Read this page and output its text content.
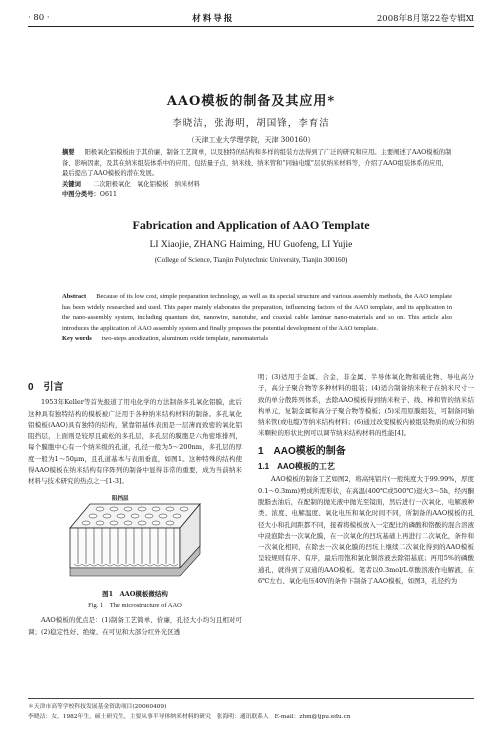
· 80 ·	材料导报	2008年8月第22卷专辑Ⅺ
AAO模板的制备及其应用*
李晓洁，张海明，胡国锋，李育洁
（天津工业大学理学院，天津 300160）

摘要 阳极氧化铝模板由于其价廉、制备工艺简单，以及独特的结构和多样的组装方法得到了广泛的研究和应用。主要阐述了AAO模板的制备、影响因素，及其在纳米组装体系中的应用，包括量子点、纳米线、纳米管和“同轴电缆”层状纳米材料等，介绍了AAO组装体系的应用，最后提出了AAO模板的潜在发展。

关键词 二次阳极氧化　氧化铝模板　纳米材料

中图分类号：O611

Fabrication and Application of AAO Template
LI Xiaojie, ZHANG Haiming, HU Guofeng, LI Yujie
(College of Science, Tianjin Polytechnic University, Tianjin 300160)

Abstract Because of its low cost, simple preparation technology, as well as its special structure and various assembly methods, the AAO template has been widely researched and used. This paper mainly elaborates the preparation, influencing factors of the AAO template, and its application in the nano-assembly system, including quantum dot, nanowire, nanotube, and coaxial cable laminar nano-materials and so on. This article also introduces the application of AAO assembly system and finally proposes the potential development of the AAO template.

Key words two-steps anodization, aluminum oxide template, nanomaterials

0　引言

1953年Keller等首先报道了用电化学的方法制备多孔氧化铝膜，此后这种具有独特结构的模板被广泛用于各种纳米结构材料的制备。多孔氧化铝模板(AAO)具有独特的结构，紧靠铝基体表面是一层薄而致密的氧化铝阻挡层，上面则是较厚且疏松的多孔层，多孔层的膜胞是六角密堆排列，每个膜胞中心有一个纳米级的孔道，孔径一般为5～200nm，多孔层的厚度一般为1～50μm，且孔道基本与表面垂直，如图1。这种特殊的结构使得AAO模板在纳米结构有序阵列的制备中显得非常的重要，成为当前纳米材料与技术研究的热点之一[1-3]。

阻挡层
图1　AAO模板微结构
Fig. 1　The microstructure of AAO

AAO模板的优点是：(1)制备工艺简单、价廉，孔径大小均匀且相对可调；(2)稳定性好、绝缘、在可见和大部分红外光区透

明；(3)适用于金属、合金、非金属、半导体氧化物和硫化物、导电高分子，高分子聚合物等多种材料的组装；(4)适合制备纳米粒子在纳米尺寸一致的单分散阵列体系，去除AAO模板得到纳米粒子、线、棒和管的纳米结构单元，复制金属和高分子聚合物等模板；(5)采用原膜组装，可制备同轴纳米管(或电缆)等纳米结构材料；(6)通过改变模板内被组装物质的成分和纳米颗粒的形状比例可以调节纳米结构材料的性能[4]。

1　AAO模板的制备
1.1　AAO模板的工艺

AAO模板的制备工艺如图2，将高纯铝片(一般纯度大于99.99%，厚度0.1～0.3mm)剪成所需形状，在高温(400℃或500℃)退火3～5h，经丙酮脱脂去油后，在配制的抛光液中抛光至镜面，然后进行一次氧化，电解液种类、浓度、电解温度、氧化电压和氧化时间不同，所制备的AAO模板的孔径大小和孔间距都不同，接着将模板放入一定配比的磷酸和铬酸的混合溶液中浸泡除去一次氧化膜，在一次氧化的凹坑基础上再进行二次氧化，条件和一次氧化相同，在除去一次氧化膜的凹坑上继续二次氧化得到的AAO模板呈较规则有序、有序，最后用饱和氯化铜溶液去除铝基底；再用5%的磷酸通孔，就得到了双通的AAO模板。笔者以0.3mol/L草酸溶液作电解液，在6℃左右、氧化电压40V的条件下制备了AAO模板，如图3，孔径约为

＊天津市高等学校科技发展基金资助项目(20060409)
李晓洁：女，1982年生，硕士研究生，主要从事半导体纳米材料的研究　张海明：通讯联系人　E-mail：zhm@tjpu.edu.cn
